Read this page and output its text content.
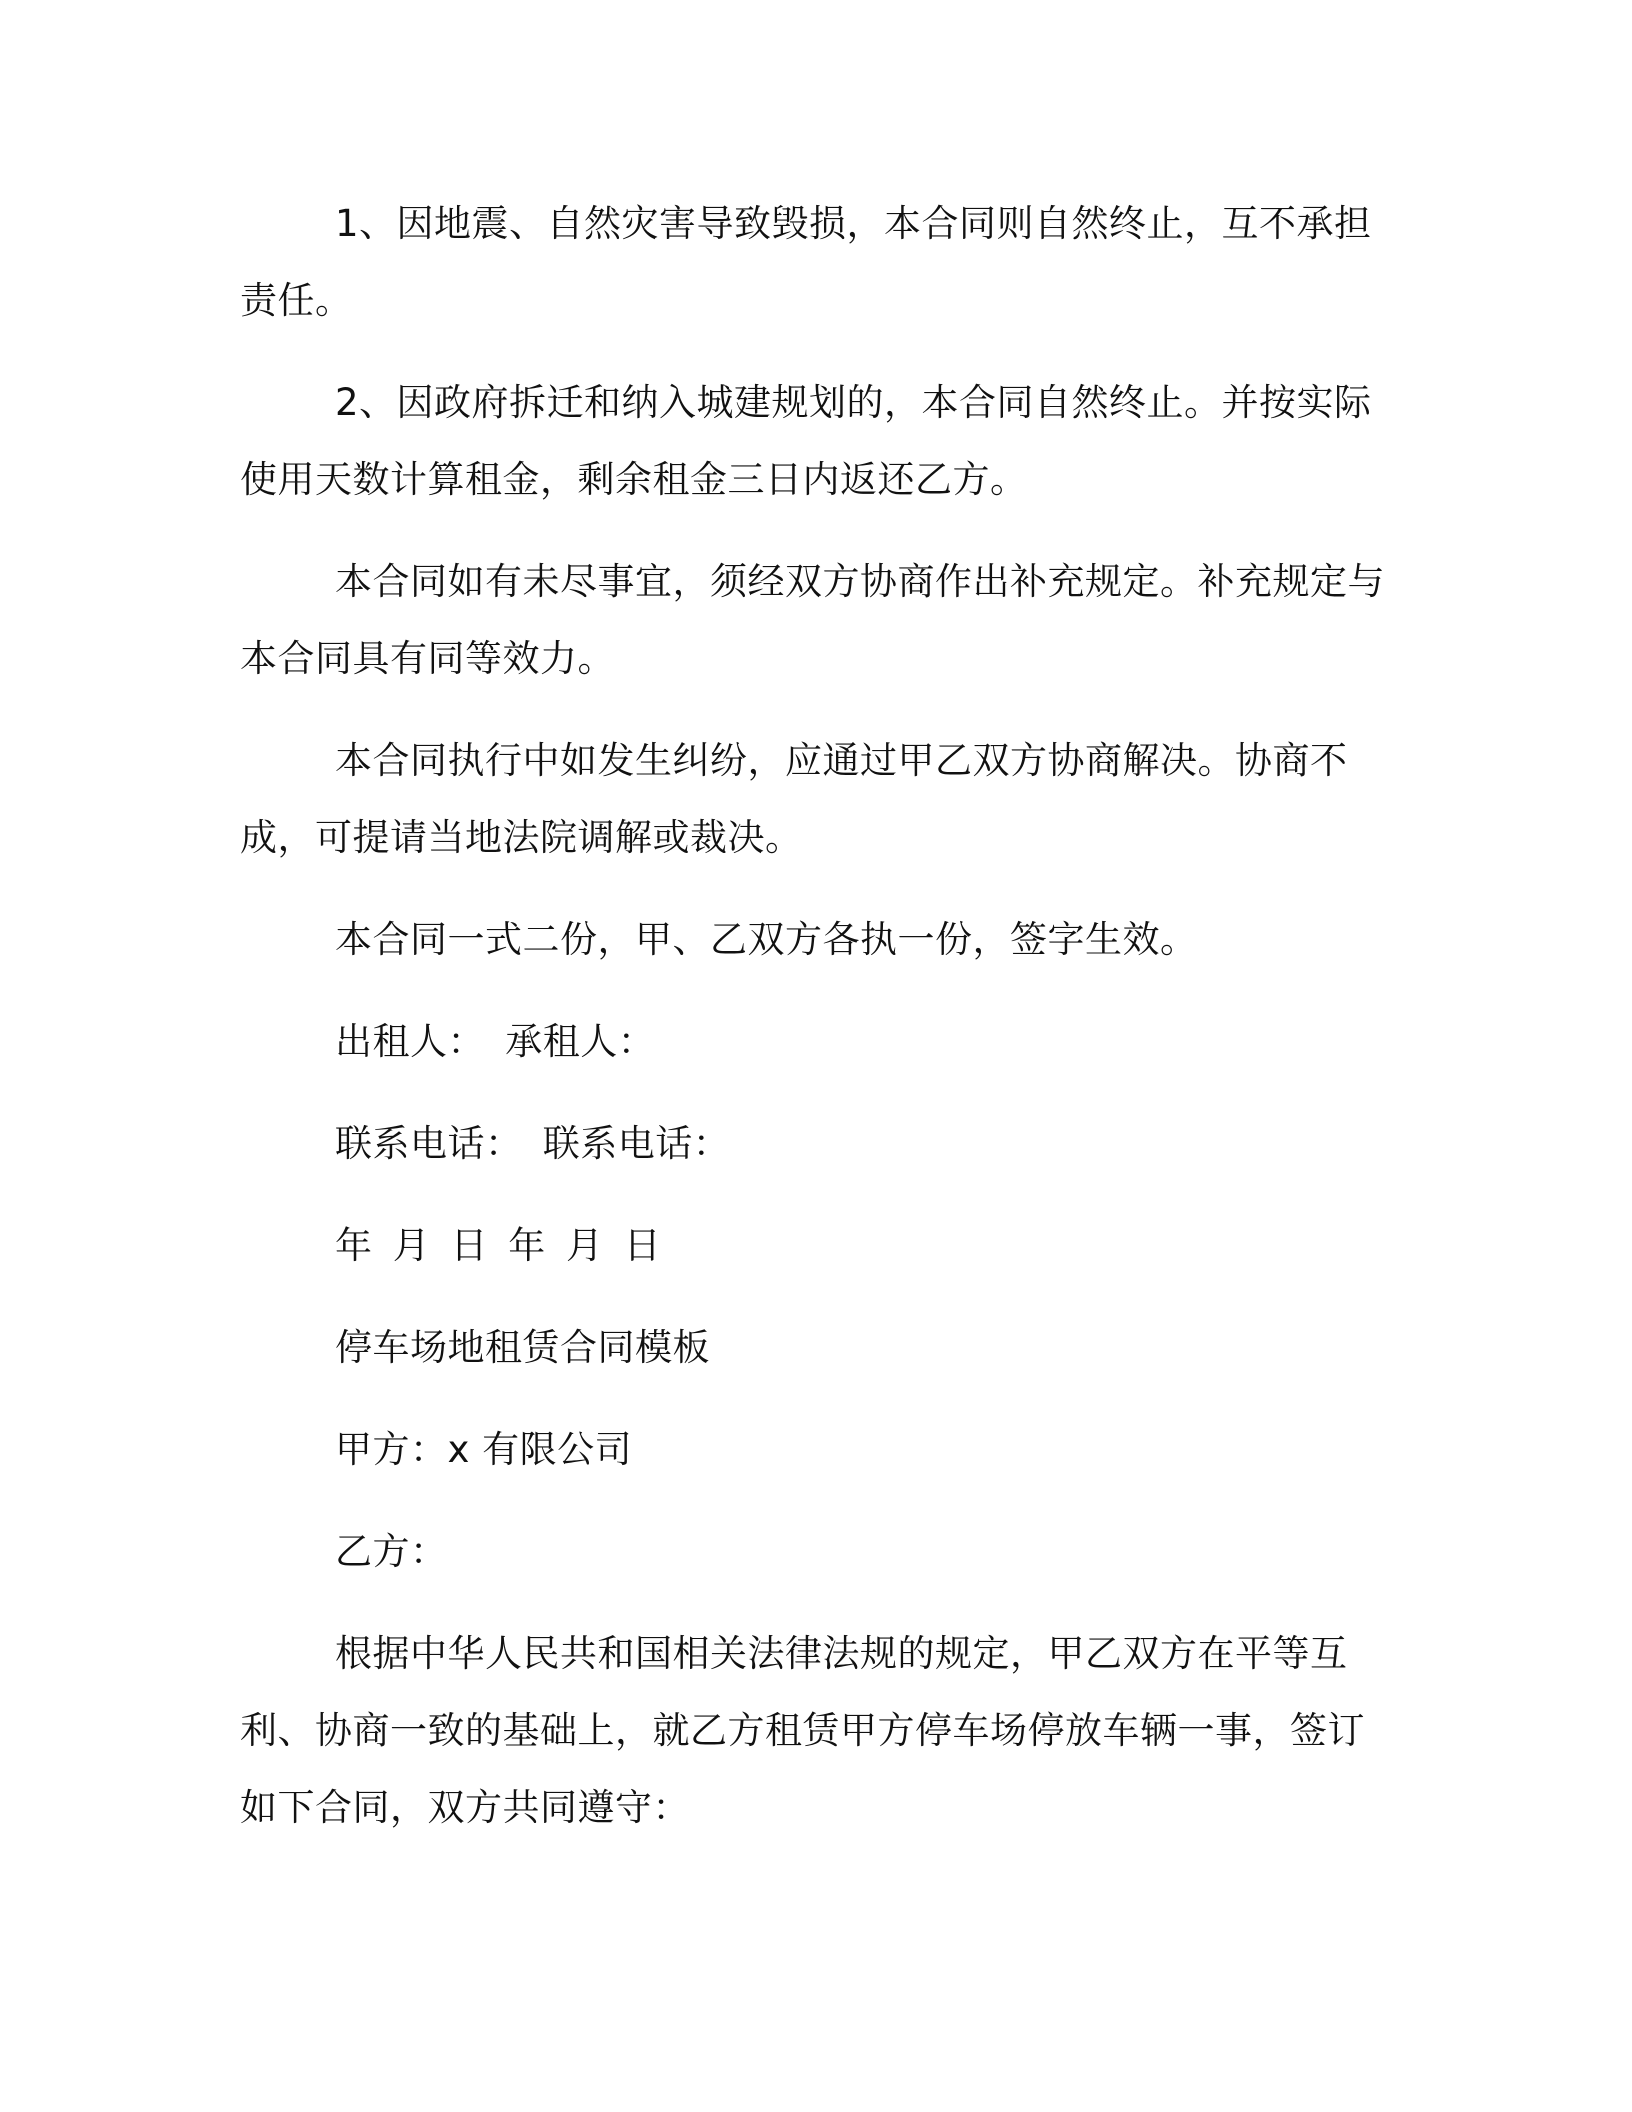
1、因地震、自然灾害导致毁损，本合同则自然终止，互不承担责任。

2、因政府拆迁和纳入城建规划的，本合同自然终止。并按实际使用天数计算租金，剩余租金三日内返还乙方。

本合同如有未尽事宜，须经双方协商作出补充规定。补充规定与本合同具有同等效力。

本合同执行中如发生纠纷，应通过甲乙双方协商解决。协商不成，可提请当地法院调解或裁决。

本合同一式二份，甲、乙双方各执一份，签字生效。

出租人： 承租人：

联系电话： 联系电话：

年 月 日 年 月 日

停车场地租赁合同模板

甲方：x 有限公司

乙方：

根据中华人民共和国相关法律法规的规定，甲乙双方在平等互利、协商一致的基础上，就乙方租赁甲方停车场停放车辆一事，签订如下合同，双方共同遵守：
